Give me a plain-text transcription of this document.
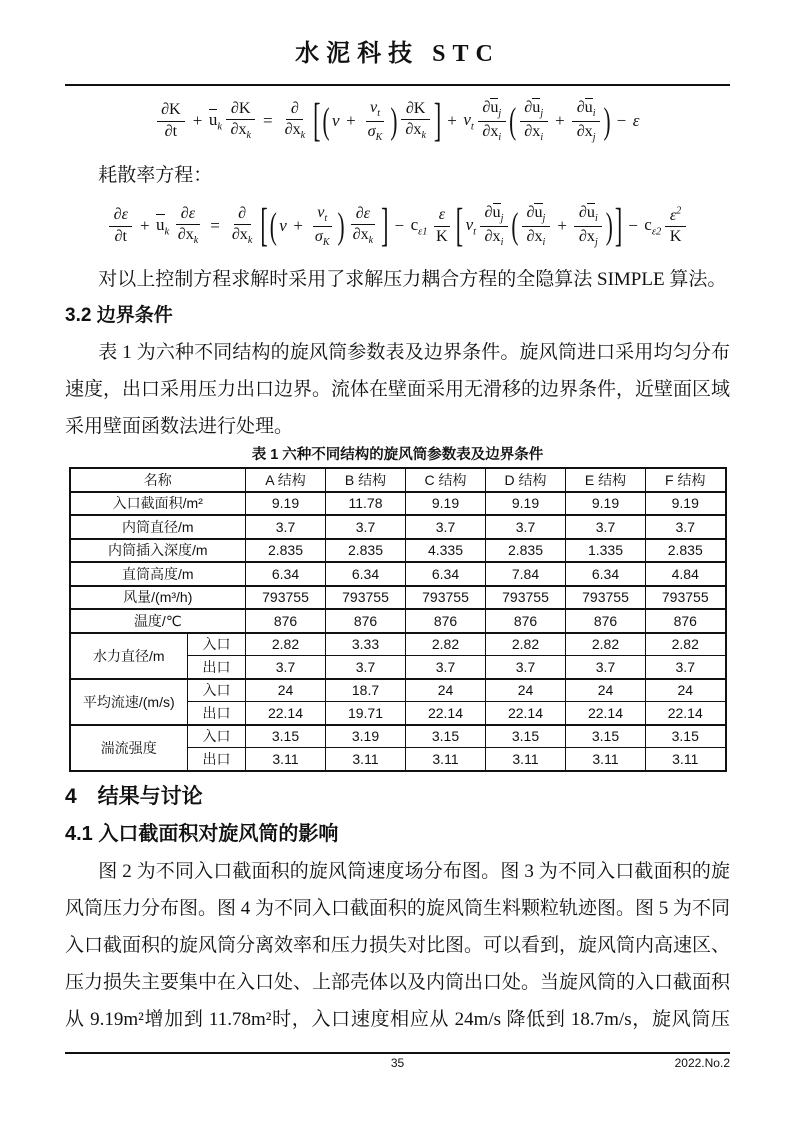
水泥科技 STC
$\frac{\partial K}{\partial t} + u_k \frac{\partial K}{\partial x_k}$ =
∂
$\partial x_k$ [ ( $\nu + \frac{\nu_t}{\sigma_K}$ ) $\frac{\partial K}{\partial x_k}$ ] + $\nu_t \frac{\partial u_j}{\partial x_i}$ ( $\frac{\partial u_j}{\partial x_i} + \frac{\partial u_i}{\partial x_j}$ ) − ε

耗散率方程：

$\frac{\partial\varepsilon}{\partial t} + u_k \frac{\partial\varepsilon}{\partial x_k}$ =
∂
$\partial x_k$ [ ( $\nu + \frac{\nu_t}{\sigma_K}$ ) $\frac{\partial\varepsilon}{\partial x_k}$ ] − $c_{\varepsilon 1} \frac{\varepsilon}{K}$ [ $\nu_t \frac{\partial u_j}{\partial x_i}$ ( $\frac{\partial u_j}{\partial x_i} + \frac{\partial u_i}{\partial x_j}$ ) ] − $c_{\varepsilon 2} \frac{\varepsilon^2}{K}$

对以上控制方程求解时采用了求解压力耦合方程的全隐算法 SIMPLE 算法。

3.2 边界条件

表 1 为六种不同结构的旋风筒参数表及边界条件。旋风筒进口采用均匀分布速度，出口采用压力出口边界。流体在壁面采用无滑移的边界条件，近壁面区域采用壁面函数法进行处理。

表 1 六种不同结构的旋风筒参数表及边界条件
名称		A 结构	B 结构	C 结构	D 结构	E 结构	F 结构
入口截面积/m²		9.19	11.78	9.19	9.19	9.19	9.19
内筒直径/m		3.7	3.7	3.7	3.7	3.7	3.7
内筒插入深度/m		2.835	2.835	4.335	2.835	1.335	2.835
直筒高度/m		6.34	6.34	6.34	7.84	6.34	4.84
风量/(m³/h)		793755	793755	793755	793755	793755	793755
温度/℃		876	876	876	876	876	876
水力直径/m	入口	2.82	3.33	2.82	2.82	2.82	2.82
	出口	3.7	3.7	3.7	3.7	3.7	3.7
平均流速/(m/s)	入口	24	18.7	24	24	24	24
	出口	22.14	19.71	22.14	22.14	22.14	22.14
湍流强度	入口	3.15	3.19	3.15	3.15	3.15	3.15
	出口	3.11	3.11	3.11	3.11	3.11	3.11
4　结果与讨论
4.1 入口截面积对旋风筒的影响

图 2 为不同入口截面积的旋风筒速度场分布图。图 3 为不同入口截面积的旋风筒压力分布图。图 4 为不同入口截面积的旋风筒生料颗粒轨迹图。图 5 为不同入口截面积的旋风筒分离效率和压力损失对比图。可以看到，旋风筒内高速区、压力损失主要集中在入口处、上部壳体以及内筒出口处。当旋风筒的入口截面积从 9.19m²增加到 11.78m²时，入口速度相应从 24m/s 降低到 18.7m/s，旋风筒压

35	2022.No.2
